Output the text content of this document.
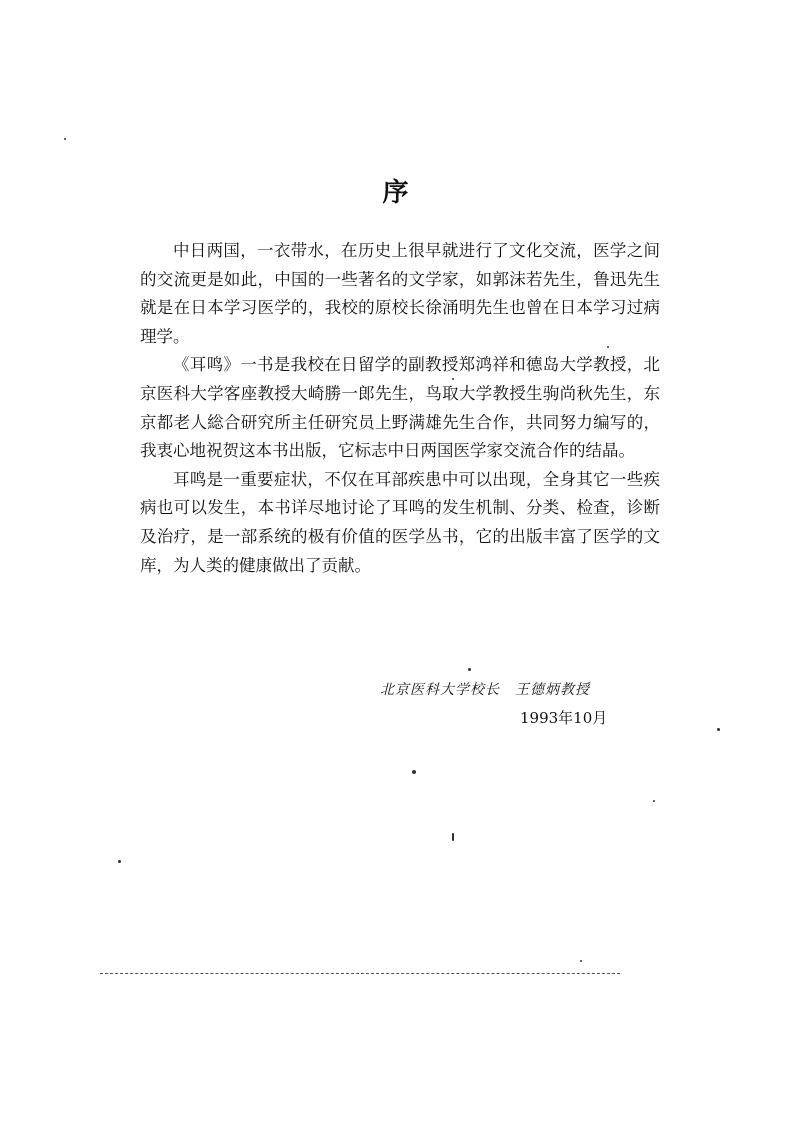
序

中日两国，一衣带水，在历史上很早就进行了文化交流，医学之间的交流更是如此，中国的一些著名的文学家，如郭沫若先生，鲁迅先生就是在日本学习医学的，我校的原校长徐涌明先生也曾在日本学习过病理学。

《耳鸣》一书是我校在日留学的副教授郑鸿祥和德岛大学教授，北京医科大学客座教授大崎勝一郎先生，鸟取大学教授生驹尚秋先生，东京都老人総合研究所主任研究员上野满雄先生合作，共同努力编写的，我衷心地祝贺这本书出版，它标志中日两国医学家交流合作的结晶。

耳鸣是一重要症状，不仅在耳部疾患中可以出现，全身其它一些疾病也可以发生，本书详尽地讨论了耳鸣的发生机制、分类、检查，诊断及治疗，是一部系统的极有价值的医学丛书，它的出版丰富了医学的文库，为人类的健康做出了贡献。

北京医科大学校长　王德炳教授
1993年10月
